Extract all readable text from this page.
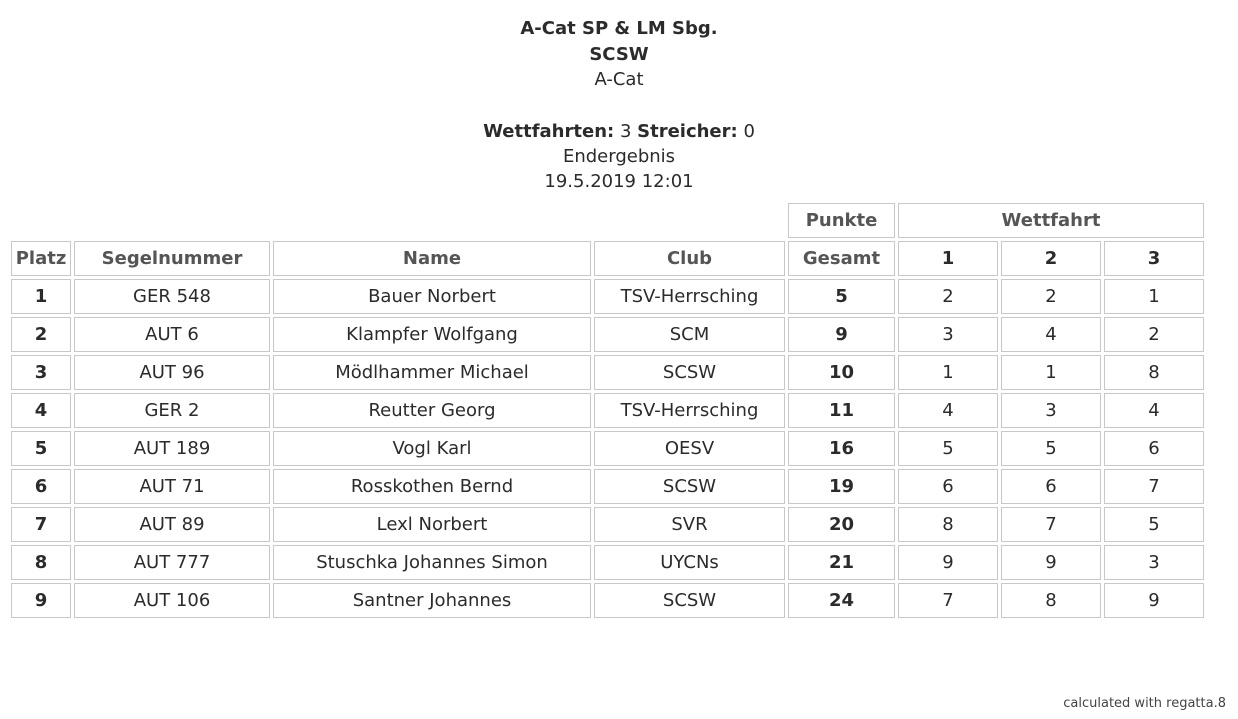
A-Cat SP & LM Sbg.
SCSW
A-Cat
Wettfahrten: 3 Streicher: 0
Endergebnis
19.5.2019 12:01
				Punkte	Wettfahrt		
Platz	Segelnummer	Name	Club	Gesamt	1	2	3
1	GER 548	Bauer Norbert	TSV-Herrsching	5	2	2	1
2	AUT 6	Klampfer Wolfgang	SCM	9	3	4	2
3	AUT 96	Mödlhammer Michael	SCSW	10	1	1	8
4	GER 2	Reutter Georg	TSV-Herrsching	11	4	3	4
5	AUT 189	Vogl Karl	OESV	16	5	5	6
6	AUT 71	Rosskothen Bernd	SCSW	19	6	6	7
7	AUT 89	Lexl Norbert	SVR	20	8	7	5
8	AUT 777	Stuschka Johannes Simon	UYCNs	21	9	9	3
9	AUT 106	Santner Johannes	SCSW	24	7	8	9
calculated with regatta.8
